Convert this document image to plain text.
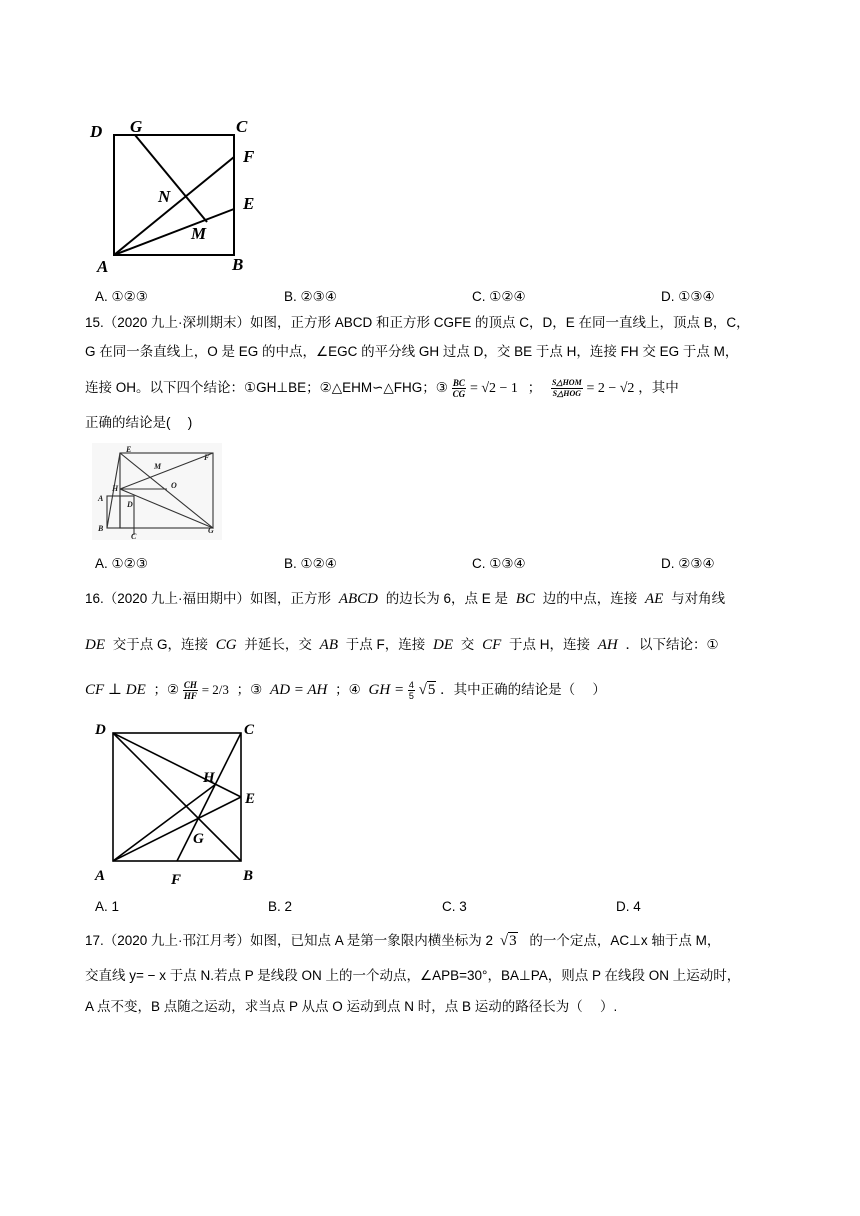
D G	C
F
N	E
M
A	B
A. ①②③	B. ②③④	C. ①②④	D. ①③④
15.（2020 九上·深圳期末）如图，正方形 ABCD 和正方形 CGFE 的顶点 C，D，E 在同一直线上，顶点 B，C，
G 在同一条直线上，O 是 EG 的中点，∠EGC 的平分线 GH 过点 D，交 BE 于点 H，连接 FH 交 EG 于点 M，
连接 OH。以下四个结论：①GH⊥BE；②△EHM∽△FHG；③ $\frac{BC}{CG} = √2 - 1$ ； $\frac{\text{S△HOM}}{\text{S△HOG}} = 2 - √2$ ，其中
正确的结论是(　 )
E
M
F
H	O
A
D
B
C
G
A. ①②③	B. ①②④	C. ①③④	D. ②③④
16.（2020 九上·福田期中）如图，正方形 ABCD 的边长为 6，点 E 是 BC 边的中点，连接 AE 与对角线
DE 交于点 G，连接 CG 并延长，交 AB 于点 F，连接 DE 交 CF 于点 H，连接 AH ．以下结论：①
CF ⊥ DE ；② $\frac{CH}{HF} = 2/3$ ；③ AD = AH ；④ GH = $\frac{4}{5} √5$ ．其中正确的结论是（　 ）
D	C
H
E
G
A	F	B
A. 1	B. 2	C. 3	D. 4
17.（2020 九上·邗江月考）如图，已知点 A 是第一象限内横坐标为 2 √3 的一个定点，AC⊥x 轴于点 M，
交直线 y= − x 于点 N.若点 P 是线段 ON 上的一个动点，∠APB=30°，BA⊥PA，则点 P 在线段 ON 上运动时，
A 点不变，B 点随之运动，求当点 P 从点 O 运动到点 N 时，点 B 运动的路径长为（　 ）.
